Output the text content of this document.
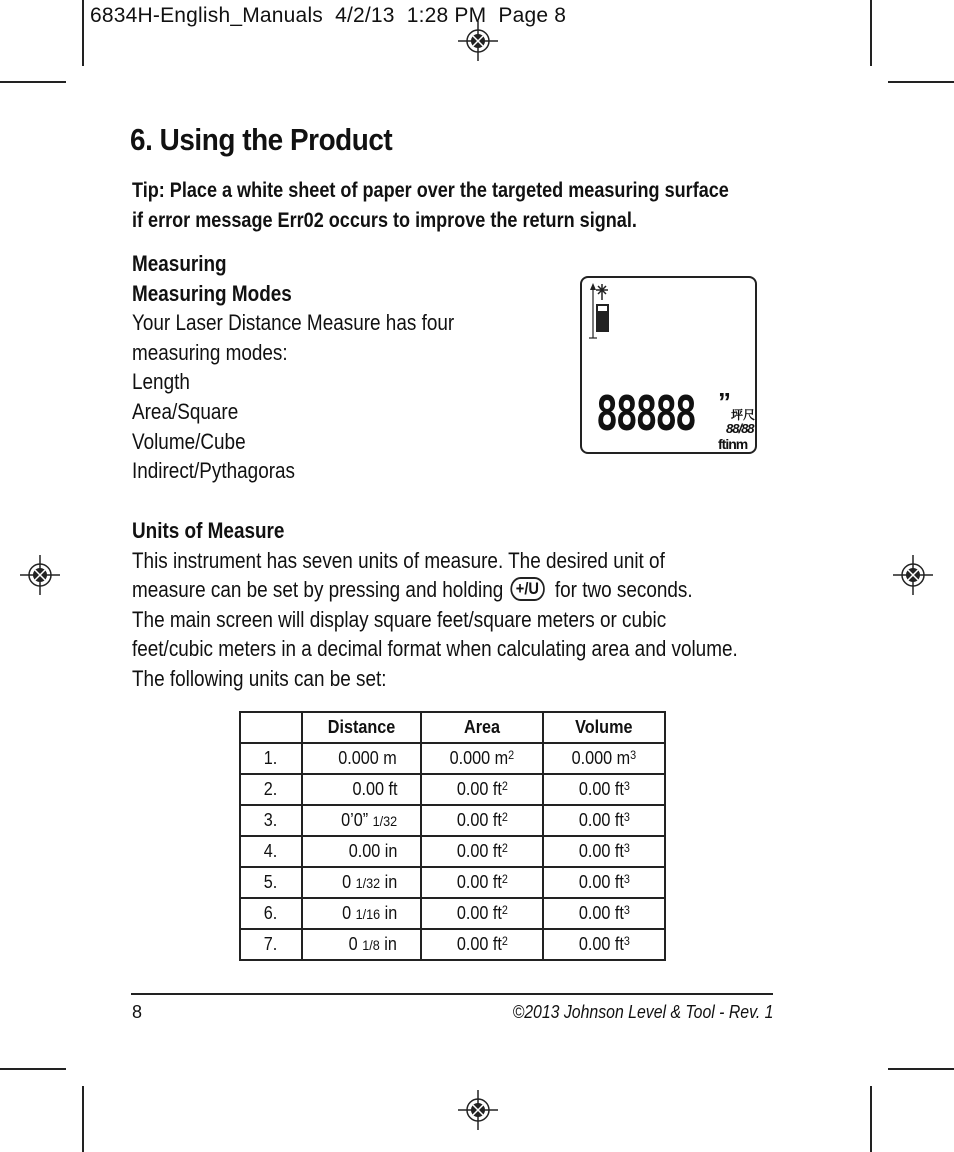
6834H-English_Manuals  4/2/13  1:28 PM  Page 8
6. Using the Product
Tip: Place a white sheet of paper over the targeted measuring surface if error message Err02 occurs to improve the return signal.
Measuring
Measuring Modes
Your Laser Distance Measure has four
measuring modes:
Length
Area/Square
Volume/Cube
Indirect/Pythagoras
88888 ” 坪尺
88/88
ftinm
Units of Measure
This instrument has seven units of measure. The desired unit of
measure can be set by pressing and holding +/U for two seconds.
The main screen will display square feet/square meters or cubic
feet/cubic meters in a decimal format when calculating area and volume.
The following units can be set:
	Distance	Area	Volume
1.	0.000 m	0.000 $m^2$	0.000 $m^3$
2.	0.00 ft	0.00 $ft^2$	0.00 $ft^3$
3.	0’0” 1/32	0.00 $ft^2$	0.00 $ft^3$
4.	0.00 in	0.00 $ft^2$	0.00 $ft^3$
5.	0 1/32 in	0.00 $ft^2$	0.00 $ft^3$
6.	0 1/16 in	0.00 $ft^2$	0.00 $ft^3$
7.	0 1/8 in	0.00 $ft^2$	0.00 $ft^3$
8	©2013 Johnson Level & Tool - Rev. 1
